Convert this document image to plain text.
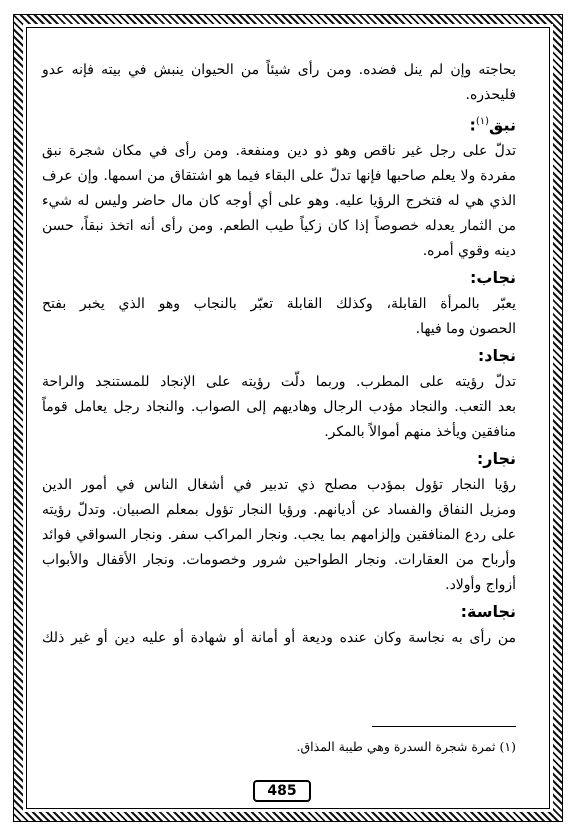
بحاجته وإن لم ينل فضده. ومن رأى شيئاً من الحيوان ينبش في بيته فإنه عدو
فليحذره.
نبق$^{(١)}$:
تدلّ على رجل غير ناقص وهو ذو دين ومنفعة. ومن رأى في مكان شجرة نبق
مفردة ولا يعلم صاحبها فإنها تدلّ على البقاء فيما هو اشتقاق من اسمها. وإن عرف
الذي هي له فتخرج الرؤيا عليه. وهو على أي أوجه كان مال حاضر وليس له شيء
من الثمار يعدله خصوصاً إذا كان زكياً طيب الطعم. ومن رأى أنه اتخذ نبقاً، حسن
دينه وقوي أمره.
نجاب:
يعبّر بالمرأة القابلة، وكذلك القابلة تعبّر بالنجاب وهو الذي يخبر بفتح
الحصون وما فيها.
نجاد:
تدلّ رؤيته على المطرب. وربما دلّت رؤيته على الإنجاد للمستنجد والراحة
بعد التعب. والنجاد مؤدب الرجال وهاديهم إلى الصواب. والنجاد رجل يعامل قوماً
منافقين ويأخذ منهم أموالاً بالمكر.
نجار:
رؤيا النجار تؤول بمؤدب مصلح ذي تدبير في أشغال الناس في أمور الدين
ومزيل النفاق والفساد عن أديانهم. ورؤيا النجار تؤول بمعلم الصبيان. وتدلّ رؤيته
على ردع المنافقين وإلزامهم بما يجب. ونجار المراكب سفر. ونجار السواقي فوائد
وأرباح من العقارات. ونجار الطواحين شرور وخصومات. ونجار الأقفال والأبواب
أزواج وأولاد.
نجاسة:
من رأى به نجاسة وكان عنده وديعة أو أمانة أو شهادة أو عليه دين أو غير ذلك
(١) ثمرة شجرة السدرة وهي طيبة المذاق.
485
